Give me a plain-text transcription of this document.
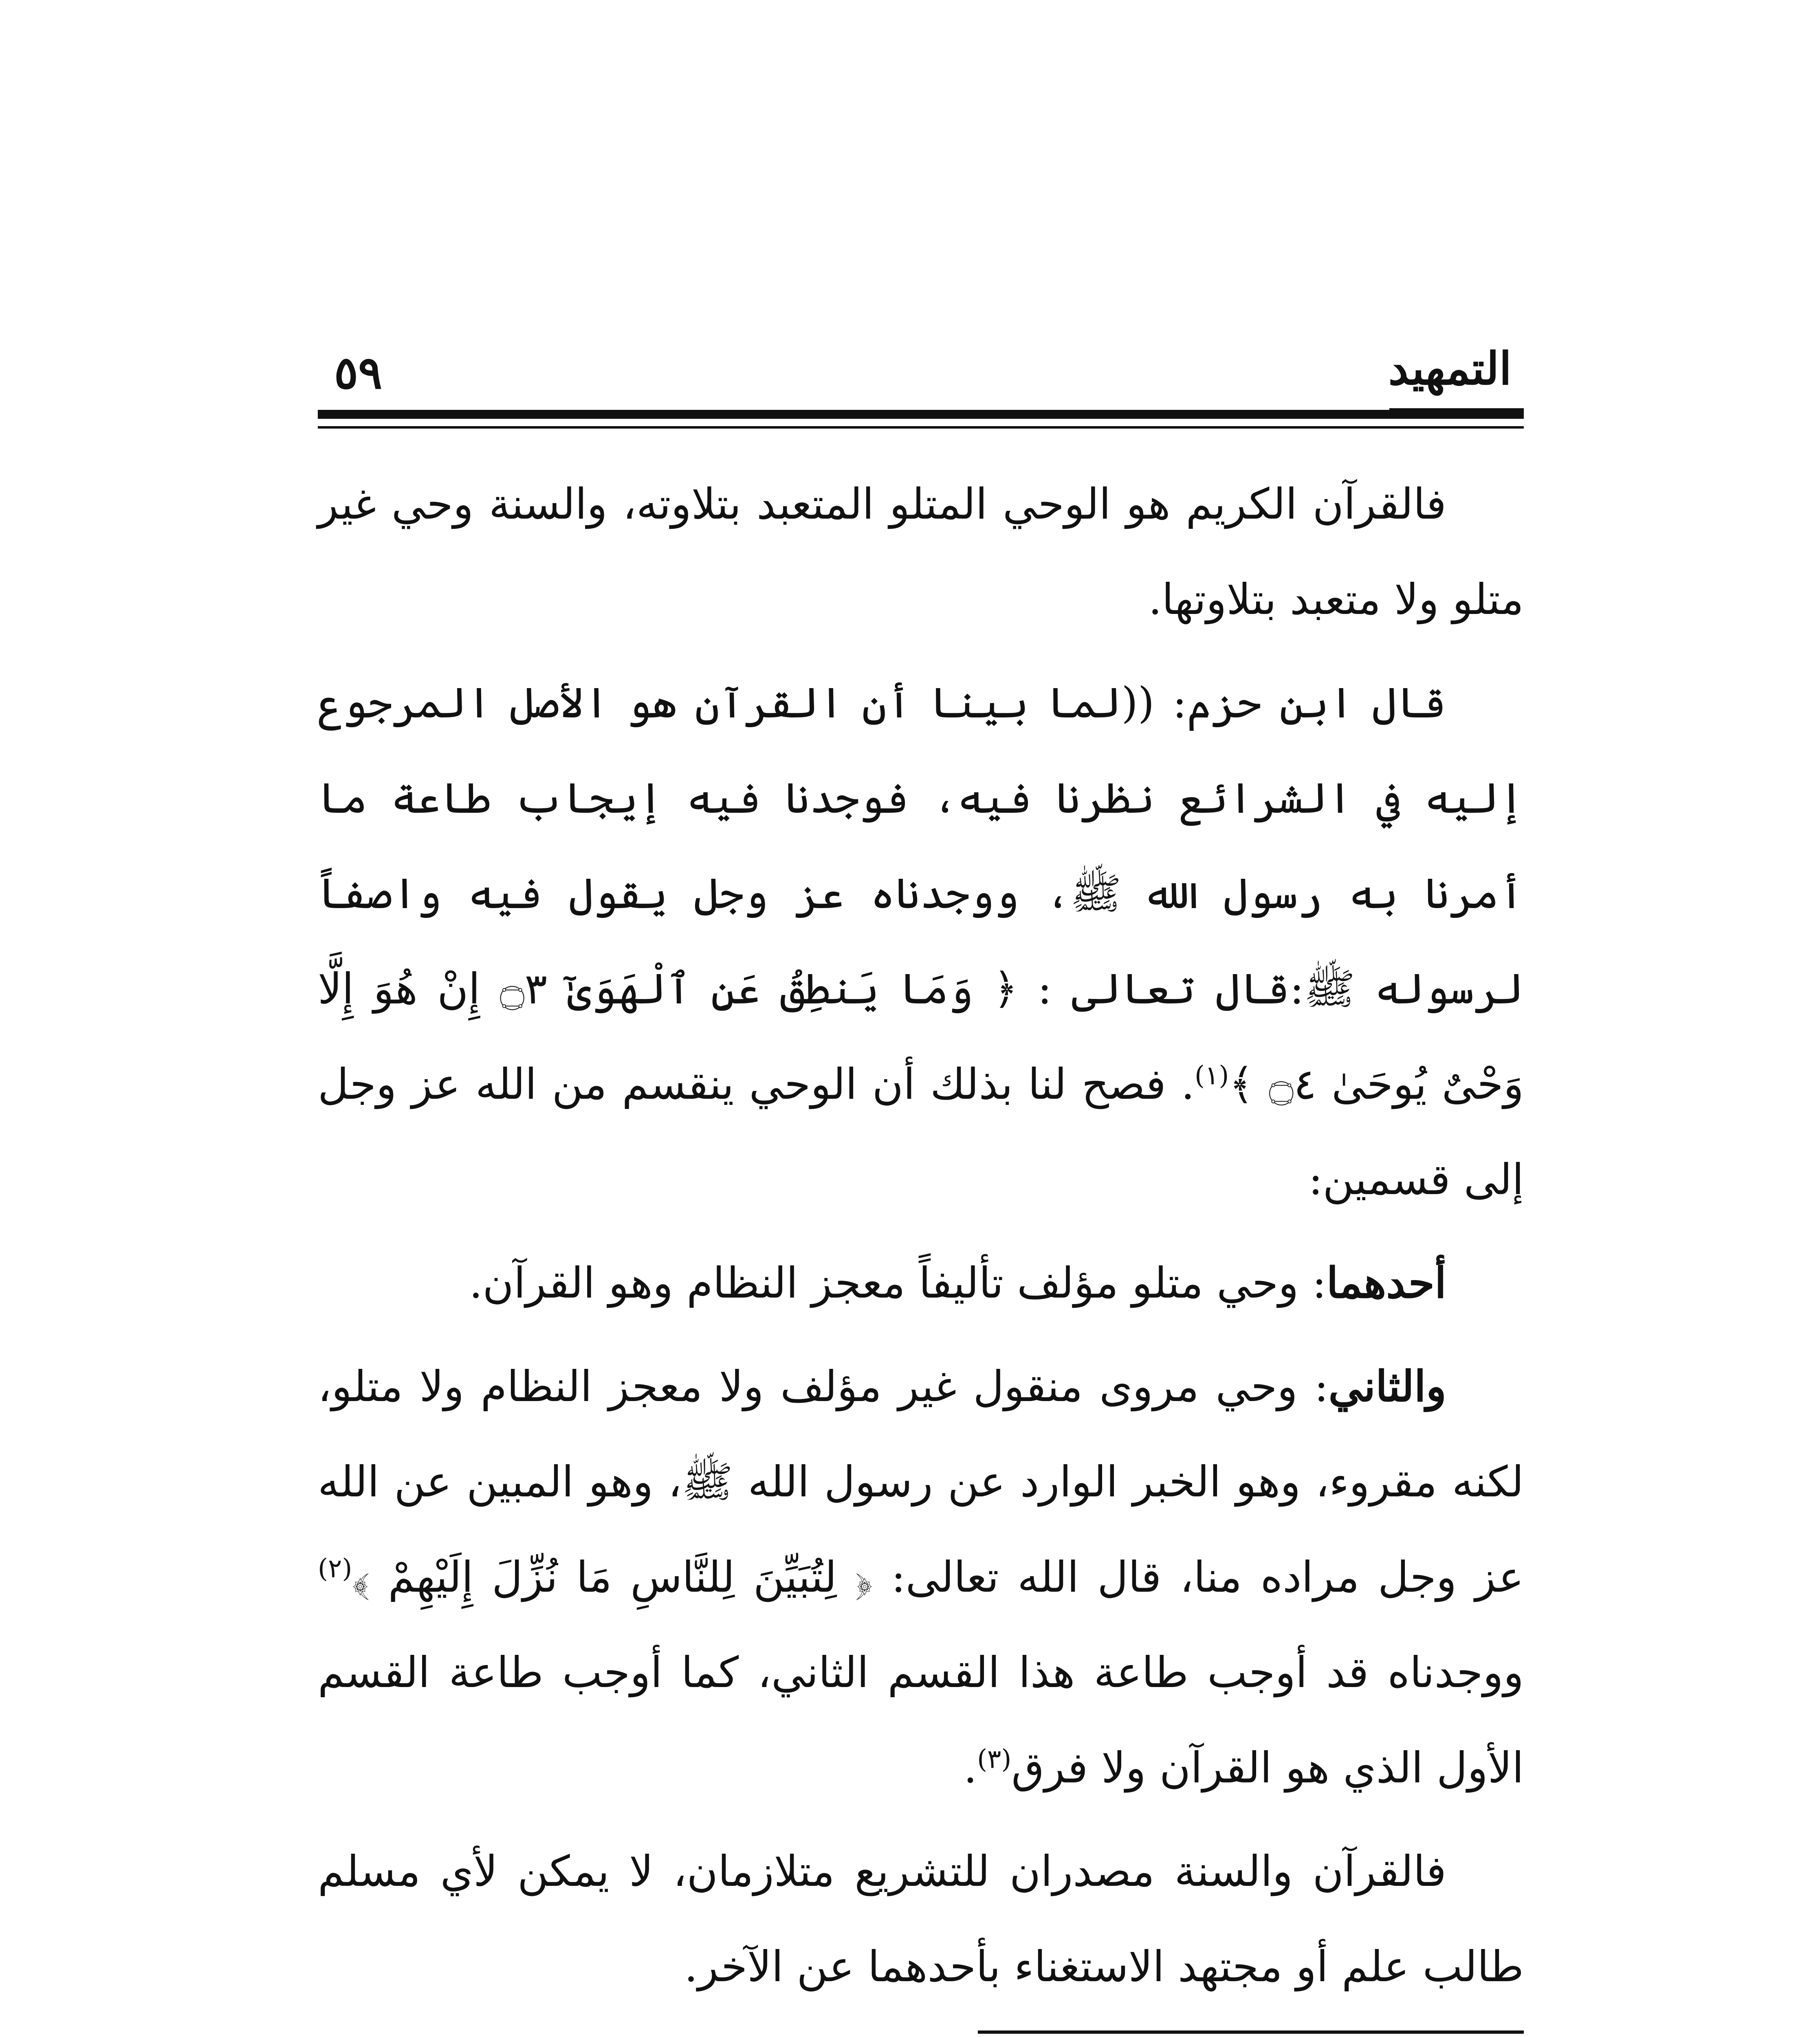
٥٩	التمهيد

فالقرآن الكريم هو الوحي المتلو المتعبد بتلاوته، والسنة وحي غير متلو ولا متعبد بتلاوتها.

قال ابن حزم: ((لما بينا أن القرآن هو الأصل المرجوع إليه في الشرائع نظرنا فيه، فوجدنا فيه إيجاب طاعة ما أمرنا به رسول الله ﷺ، ووجدناه عز وجل يقول فيه واصفاً لرسوله ﷺ:قال تعالى : ﴿ وَمَا يَنطِقُ عَنِ ٱلْهَوَىٰٓ ۝٣ إِنْ هُوَ إِلَّا وَحْىٌ يُوحَىٰ ۝٤ ﴾$^{(١)}$. فصح لنا بذلك أن الوحي ينقسم من الله عز وجل إلى قسمين:

أحدهما: وحي متلو مؤلف تأليفاً معجز النظام وهو القرآن.

والثاني: وحي مروى منقول غير مؤلف ولا معجز النظام ولا متلو، لكنه مقروء، وهو الخبر الوارد عن رسول الله ﷺ، وهو المبين عن الله عز وجل مراده منا، قال الله تعالى: ﴿ لِتُبَيِّنَ لِلنَّاسِ مَا نُزِّلَ إِلَيْهِمْ ﴾$^{(٢)}$ ووجدناه قد أوجب طاعة هذا القسم الثاني، كما أوجب طاعة القسم الأول الذي هو القرآن ولا فرق$^{(٣)}$.

فالقرآن والسنة مصدران للتشريع متلازمان، لا يمكن لأي مسلم طالب علم أو مجتهد الاستغناء بأحدهما عن الآخر.
